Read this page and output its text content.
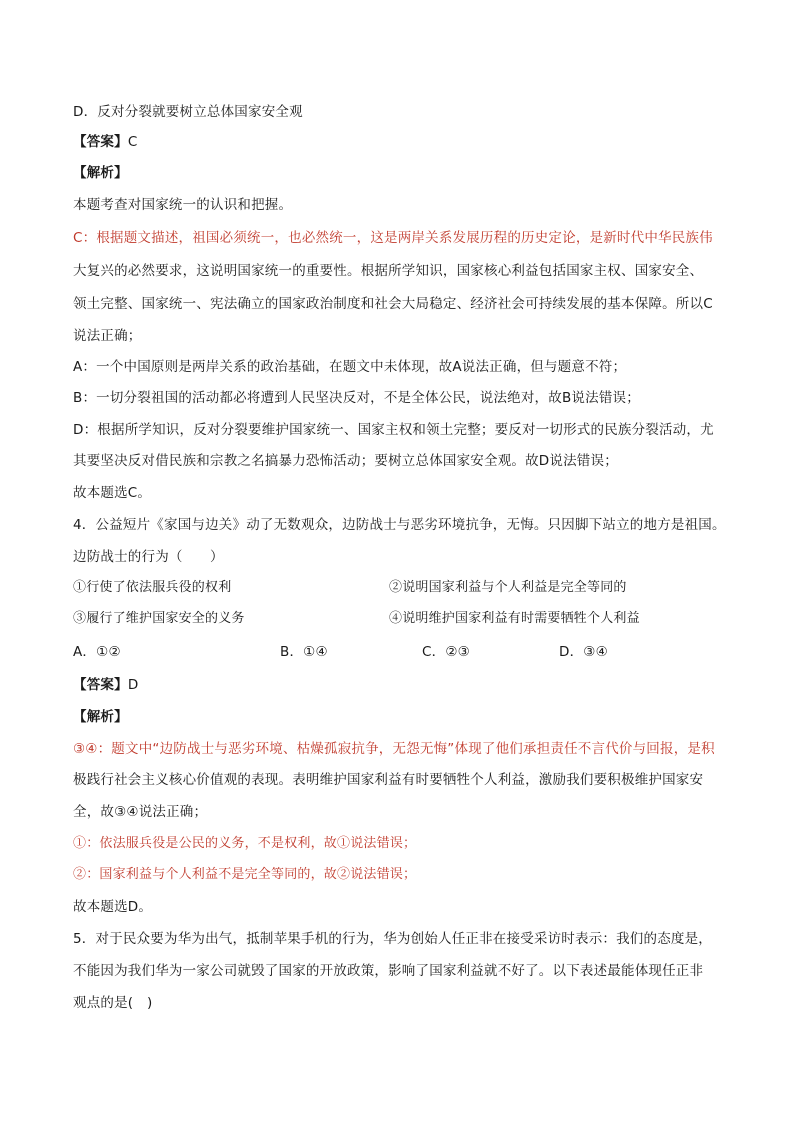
D．反对分裂就要树立总体国家安全观
【答案】C
【解析】
本题考查对国家统一的认识和把握。
C：根据题文描述，祖国必须统一，也必然统一，这是两岸关系发展历程的历史定论，是新时代中华民族伟
大复兴的必然要求，这说明国家统一的重要性。根据所学知识，国家核心利益包括国家主权、国家安全、
领土完整、国家统一、宪法确立的国家政治制度和社会大局稳定、经济社会可持续发展的基本保障。所以C
说法正确；
A：一个中国原则是两岸关系的政治基础，在题文中未体现，故A说法正确，但与题意不符；
B：一切分裂祖国的活动都必将遭到人民坚决反对，不是全体公民，说法绝对，故B说法错误；
D：根据所学知识，反对分裂要维护国家统一、国家主权和领土完整；要反对一切形式的民族分裂活动，尤
其要坚决反对借民族和宗教之名搞暴力恐怖活动；要树立总体国家安全观。故D说法错误；
故本题选C。
4．公益短片《家国与边关》动了无数观众，边防战士与恶劣环境抗争，无悔。只因脚下站立的地方是祖国。
边防战士的行为（　　）
①行使了依法服兵役的权利	②说明国家利益与个人利益是完全等同的
③履行了维护国家安全的义务	④说明维护国家利益有时需要牺牲个人利益
A．①②	B．①④	C．②③	D．③④
【答案】D
【解析】
③④：题文中“边防战士与恶劣环境、枯燥孤寂抗争，无怨无悔”体现了他们承担责任不言代价与回报，是积
极践行社会主义核心价值观的表现。表明维护国家利益有时要牺牲个人利益，激励我们要积极维护国家安
全，故③④说法正确；
①：依法服兵役是公民的义务，不是权利，故①说法错误；
②：国家利益与个人利益不是完全等同的，故②说法错误；
故本题选D。
5．对于民众要为华为出气，抵制苹果手机的行为，华为创始人任正非在接受采访时表示：我们的态度是，
不能因为我们华为一家公司就毁了国家的开放政策，影响了国家利益就不好了。以下表述最能体现任正非
观点的是(　)
